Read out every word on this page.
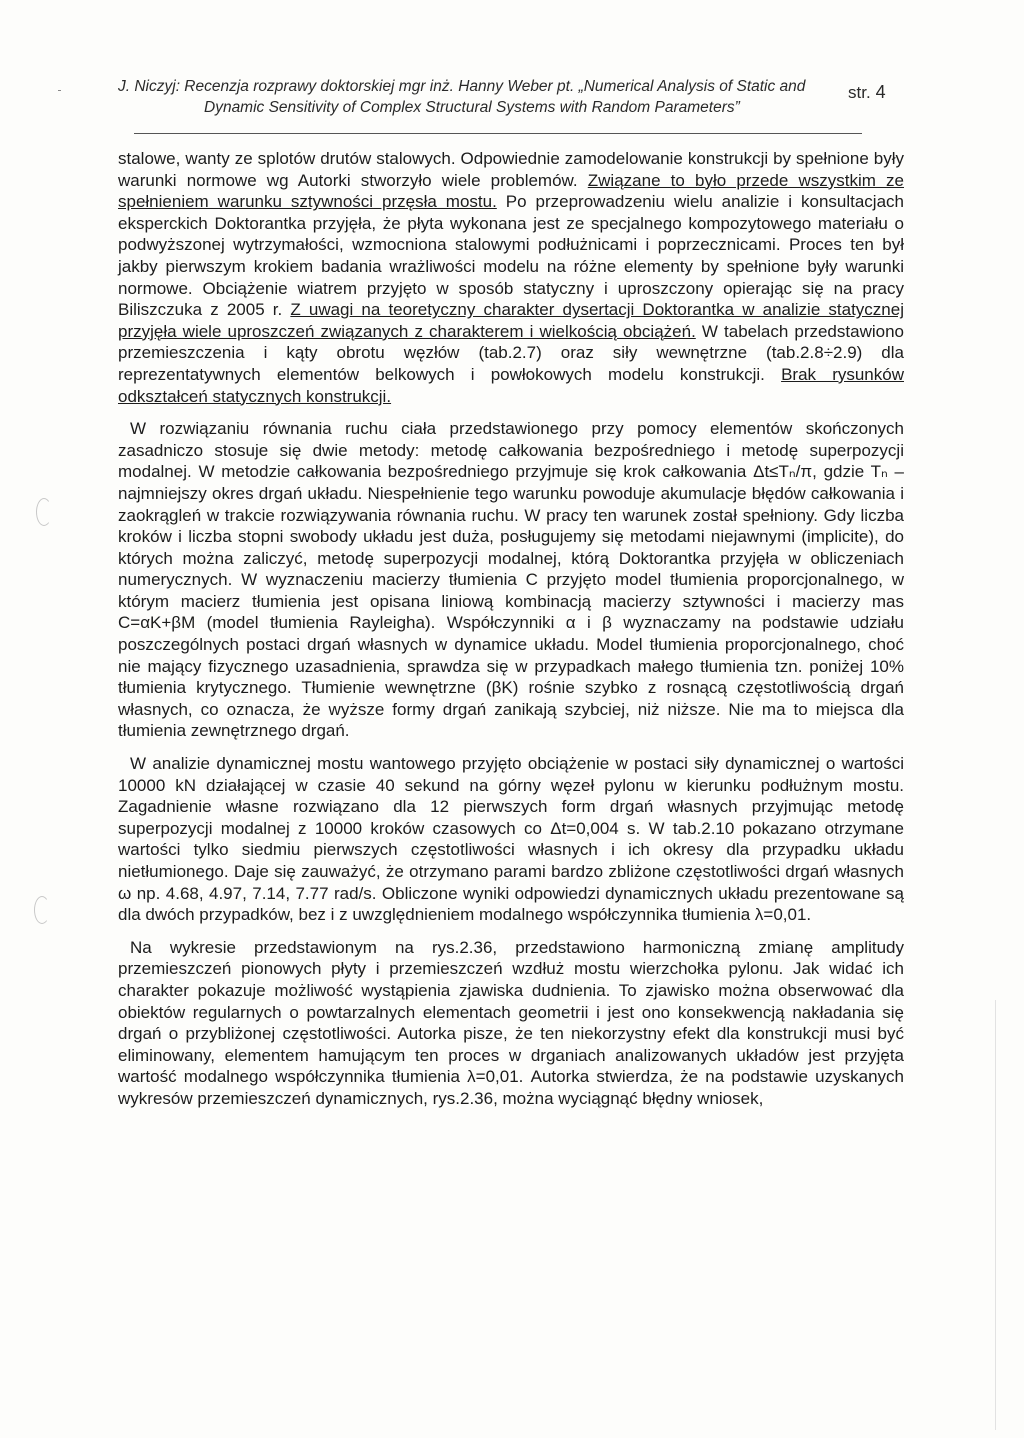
J. Niczyj: Recenzja rozprawy doktorskiej mgr inż. Hanny Weber pt. „Numerical Analysis of Static and
Dynamic Sensitivity of Complex Structural Systems with Random Parameters”
str. 4

stalowe, wanty ze splotów drutów stalowych. Odpowiednie zamodelowanie konstrukcji by spełnione były warunki normowe wg Autorki stworzyło wiele problemów. Związane to było przede wszystkim ze spełnieniem warunku sztywności przęsła mostu. Po przeprowadzeniu wielu analizie i konsultacjach eksperckich Doktorantka przyjęła, że płyta wykonana jest ze specjalnego kompozytowego materiału o podwyższonej wytrzymałości, wzmocniona stalowymi podłużnicami i poprzecznicami. Proces ten był jakby pierwszym krokiem badania wrażliwości modelu na różne elementy by spełnione były warunki normowe. Obciążenie wiatrem przyjęto w sposób statyczny i uproszczony opierając się na pracy Biliszczuka z 2005 r. Z uwagi na teoretyczny charakter dysertacji Doktorantka w analizie statycznej przyjęła wiele uproszczeń związanych z charakterem i wielkością obciążeń. W tabelach przedstawiono przemieszczenia i kąty obrotu węzłów (tab.2.7) oraz siły wewnętrzne (tab.2.8÷2.9) dla reprezentatywnych elementów belkowych i powłokowych modelu konstrukcji. Brak rysunków odkształceń statycznych konstrukcji.

W rozwiązaniu równania ruchu ciała przedstawionego przy pomocy elementów skończonych zasadniczo stosuje się dwie metody: metodę całkowania bezpośredniego i metodę superpozycji modalnej. W metodzie całkowania bezpośredniego przyjmuje się krok całkowania Δt≤Tₙ/π, gdzie Tₙ – najmniejszy okres drgań układu. Niespełnienie tego warunku powoduje akumulacje błędów całkowania i zaokrągleń w trakcie rozwiązywania równania ruchu. W pracy ten warunek został spełniony. Gdy liczba kroków i liczba stopni swobody układu jest duża, posługujemy się metodami niejawnymi (implicite), do których można zaliczyć, metodę superpozycji modalnej, którą Doktorantka przyjęła w obliczeniach numerycznych. W wyznaczeniu macierzy tłumienia C przyjęto model tłumienia proporcjonalnego, w którym macierz tłumienia jest opisana liniową kombinacją macierzy sztywności i macierzy mas C=αK+βM (model tłumienia Rayleigha). Współczynniki α i β wyznaczamy na podstawie udziału poszczególnych postaci drgań własnych w dynamice układu. Model tłumienia proporcjonalnego, choć nie mający fizycznego uzasadnienia, sprawdza się w przypadkach małego tłumienia tzn. poniżej 10% tłumienia krytycznego. Tłumienie wewnętrzne (βK) rośnie szybko z rosnącą częstotliwością drgań własnych, co oznacza, że wyższe formy drgań zanikają szybciej, niż niższe. Nie ma to miejsca dla tłumienia zewnętrznego drgań.

W analizie dynamicznej mostu wantowego przyjęto obciążenie w postaci siły dynamicznej o wartości 10000 kN działającej w czasie 40 sekund na górny węzeł pylonu w kierunku podłużnym mostu. Zagadnienie własne rozwiązano dla 12 pierwszych form drgań własnych przyjmując metodę superpozycji modalnej z 10000 kroków czasowych co Δt=0,004 s. W tab.2.10 pokazano otrzymane wartości tylko siedmiu pierwszych częstotliwości własnych i ich okresy dla przypadku układu nietłumionego. Daje się zauważyć, że otrzymano parami bardzo zbliżone częstotliwości drgań własnych ω np. 4.68, 4.97, 7.14, 7.77 rad/s. Obliczone wyniki odpowiedzi dynamicznych układu prezentowane są dla dwóch przypadków, bez i z uwzględnieniem modalnego współczynnika tłumienia λ=0,01.

Na wykresie przedstawionym na rys.2.36, przedstawiono harmoniczną zmianę amplitudy przemieszczeń pionowych płyty i przemieszczeń wzdłuż mostu wierzchołka pylonu. Jak widać ich charakter pokazuje możliwość wystąpienia zjawiska dudnienia. To zjawisko można obserwować dla obiektów regularnych o powtarzalnych elementach geometrii i jest ono konsekwencją nakładania się drgań o przybliżonej częstotliwości. Autorka pisze, że ten niekorzystny efekt dla konstrukcji musi być eliminowany, elementem hamującym ten proces w drganiach analizowanych układów jest przyjęta wartość modalnego współczynnika tłumienia λ=0,01. Autorka stwierdza, że na podstawie uzyskanych wykresów przemieszczeń dynamicznych, rys.2.36, można wyciągnąć błędny wniosek,
